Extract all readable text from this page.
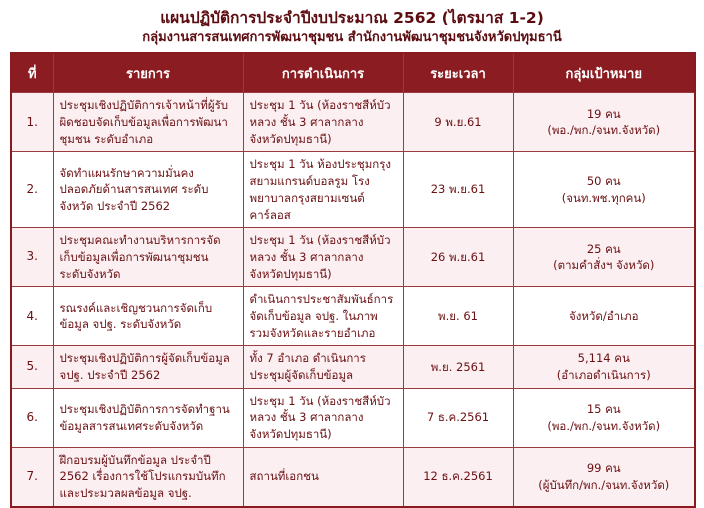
แผนปฏิบัติการประจำปีงบประมาณ 2562 (ไตรมาส 1-2)
กลุ่มงานสารสนเทศการพัฒนาชุมชน สำนักงานพัฒนาชุมชนจังหวัดปทุมธานี
ที่	รายการ	การดำเนินการ	ระยะเวลา	กลุ่มเป้าหมาย
1.	ประชุมเชิงปฏิบัติการเจ้าหน้าที่ผู้รับผิดชอบจัดเก็บข้อมูลเพื่อการพัฒนาชุมชน ระดับอำเภอ	ประชุม 1 วัน (ห้องราชสีห์บัวหลวง ชั้น 3 ศาลากลางจังหวัดปทุมธานี)	9 พ.ย.61	19 คน
(พอ./พก./จนท.จังหวัด)

2.	จัดทำแผนรักษาความมั่นคงปลอดภัยด้านสารสนเทศ ระดับจังหวัด ประจำปี 2562	ประชุม 1 วัน ห้องประชุมกรุงสยามแกรนด์บอลรูม โรงพยาบาลกรุงสยามเซนต์คาร์ลอส	23 พ.ย.61	50 คน
(จนท.พช.ทุกคน)

3.	ประชุมคณะทำงานบริหารการจัดเก็บข้อมูลเพื่อการพัฒนาชุมชน ระดับจังหวัด	ประชุม 1 วัน (ห้องราชสีห์บัวหลวง ชั้น 3 ศาลากลางจังหวัดปทุมธานี)	26 พ.ย.61	25 คน
(ตามคำสั่งฯ จังหวัด)

4.	รณรงค์และเชิญชวนการจัดเก็บข้อมูล จปฐ. ระดับจังหวัด	ดำเนินการประชาสัมพันธ์การจัดเก็บข้อมูล จปฐ. ในภาพรวมจังหวัดและรายอำเภอ	พ.ย. 61	จังหวัด/อำเภอ

5.	ประชุมเชิงปฏิบัติการผู้จัดเก็บข้อมูล จปฐ. ประจำปี 2562	ทั้ง 7 อำเภอ ดำเนินการประชุมผู้จัดเก็บข้อมูล	พ.ย. 2561	5,114 คน
(อำเภอดำเนินการ)

6.	ประชุมเชิงปฏิบัติการการจัดทำฐานข้อมูลสารสนเทศระดับจังหวัด	ประชุม 1 วัน (ห้องราชสีห์บัวหลวง ชั้น 3 ศาลากลางจังหวัดปทุมธานี)	7 ธ.ค.2561	15 คน
(พอ./พก./จนท.จังหวัด)

7.	ฝึกอบรมผู้บันทึกข้อมูล ประจำปี 2562 เรื่องการใช้โปรแกรมบันทึกและประมวลผลข้อมูล จปฐ.	สถานที่เอกชน	12 ธ.ค.2561	99 คน
(ผู้บันทึก/พก./จนท.จังหวัด)
